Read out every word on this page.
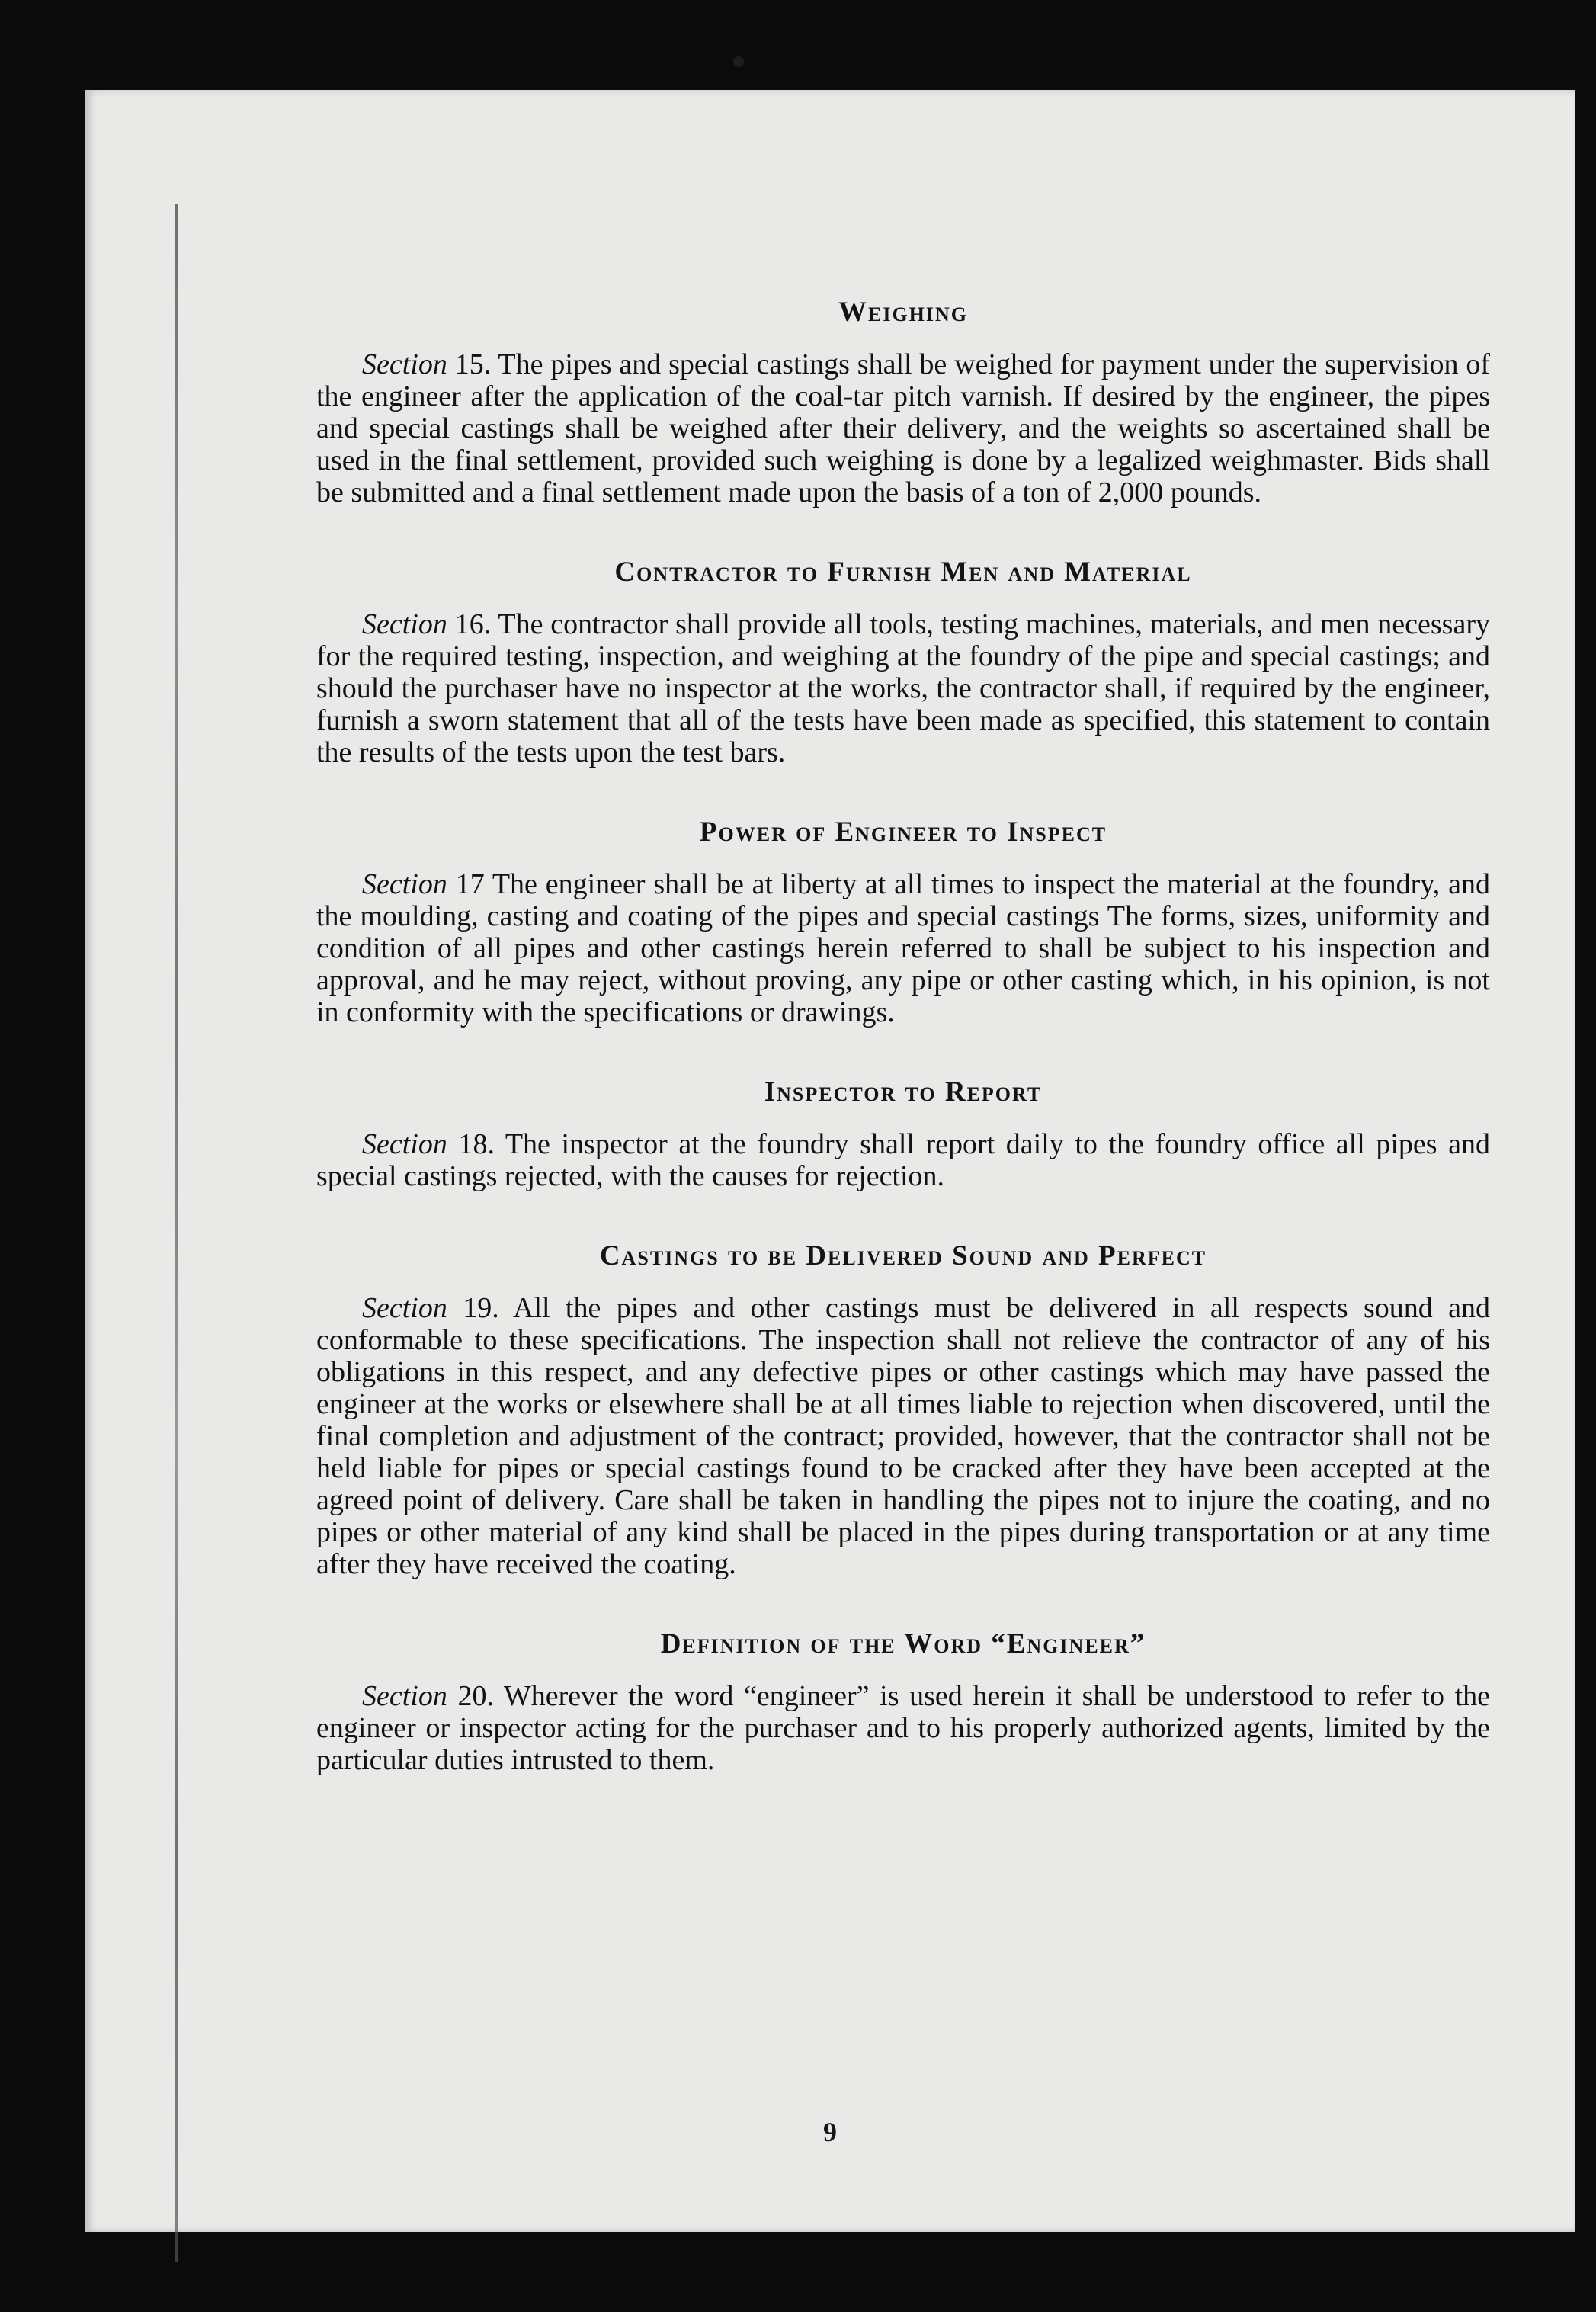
Weighing

Section 15. The pipes and special castings shall be weighed for payment under the supervision of the engineer after the application of the coal-tar pitch varnish. If desired by the engineer, the pipes and special castings shall be weighed after their delivery, and the weights so ascertained shall be used in the final settlement, provided such weighing is done by a legalized weighmaster. Bids shall be submitted and a final settlement made upon the basis of a ton of 2,000 pounds.

Contractor to Furnish Men and Material

Section 16. The contractor shall provide all tools, testing machines, materials, and men necessary for the required testing, inspection, and weighing at the foundry of the pipe and special castings; and should the purchaser have no inspector at the works, the contractor shall, if required by the engineer, furnish a sworn statement that all of the tests have been made as specified, this statement to contain the results of the tests upon the test bars.

Power of Engineer to Inspect

Section 17 The engineer shall be at liberty at all times to inspect the material at the foundry, and the moulding, casting and coating of the pipes and special castings The forms, sizes, uniformity and condition of all pipes and other castings herein referred to shall be subject to his inspection and approval, and he may reject, without proving, any pipe or other casting which, in his opinion, is not in conformity with the specifications or drawings.

Inspector to Report

Section 18. The inspector at the foundry shall report daily to the foundry office all pipes and special castings rejected, with the causes for rejection.

Castings to be Delivered Sound and Perfect

Section 19. All the pipes and other castings must be delivered in all respects sound and conformable to these specifications. The inspection shall not relieve the contractor of any of his obligations in this respect, and any defective pipes or other castings which may have passed the engineer at the works or elsewhere shall be at all times liable to rejection when discovered, until the final completion and adjustment of the contract; provided, however, that the contractor shall not be held liable for pipes or special castings found to be cracked after they have been accepted at the agreed point of delivery. Care shall be taken in handling the pipes not to injure the coating, and no pipes or other material of any kind shall be placed in the pipes during transportation or at any time after they have received the coating.

Definition of the Word “Engineer”

Section 20. Wherever the word “engineer” is used herein it shall be understood to refer to the engineer or inspector acting for the purchaser and to his properly authorized agents, limited by the particular duties intrusted to them.

9
